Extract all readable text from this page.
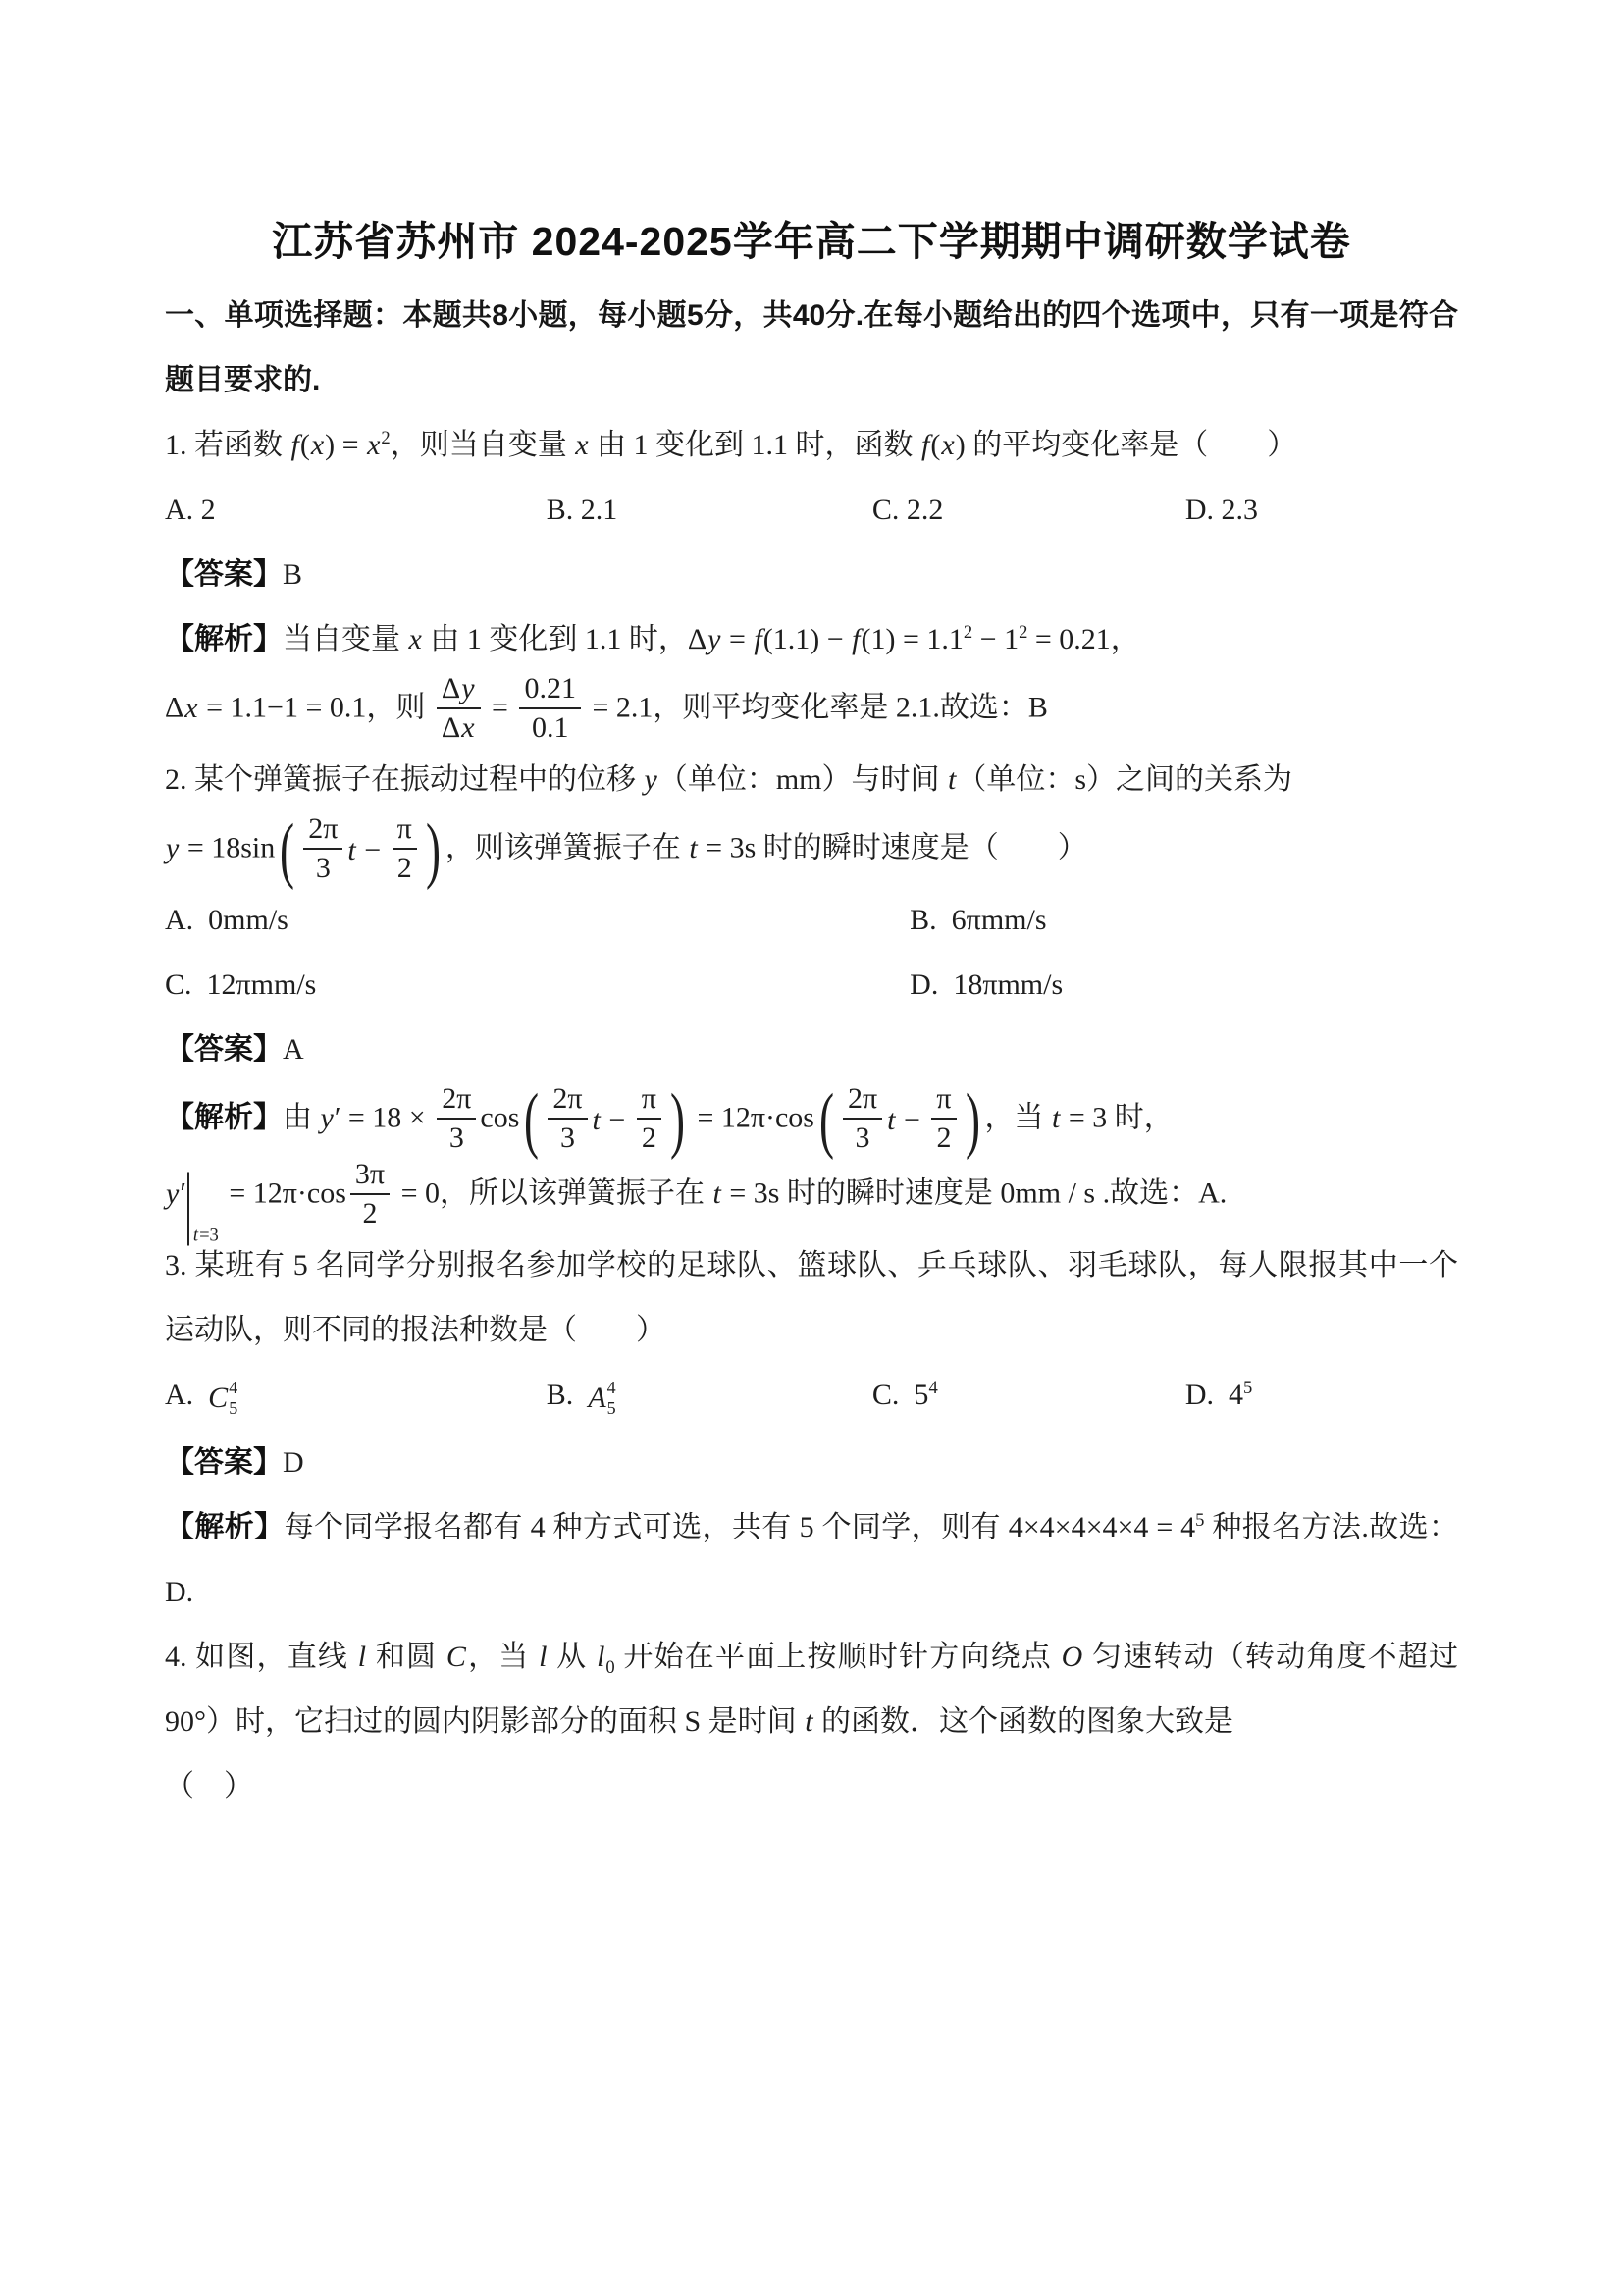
江苏省苏州市 2024-2025学年高二下学期期中调研数学试卷

一、单项选择题：本题共8小题，每小题5分，共40分.在每小题给出的四个选项中，只有一项是符合题目要求的.

1. 若函数 $f(x) = x^2$，则当自变量 x 由 1 变化到 1.1 时，函数 f(x) 的平均变化率是（　　）

A. 2	B. 2.1	C. 2.2	D. 2.3

【答案】B

【解析】当自变量 x 由 1 变化到 1.1 时，$\Delta y = f(1.1) - f(1) = 1.1^2 - 1^2 = 0.21$，

Δx = 1.1−1 = 0.1，则 $\frac{\Delta y}{\Delta x} = \frac{0.21}{0.1} = 2.1$，则平均变化率是 2.1.故选：B

2. 某个弹簧振子在振动过程中的位移 y（单位：mm）与时间 t（单位：s）之间的关系为

y = 18sin ( $\frac{2\pi}{3}$ $t - \frac{\pi}{2}$ ) ，则该弹簧振子在 t = 3s 时的瞬时速度是（　　）

A.  0mm/s	B.  6πmm/s
C.  12πmm/s	D.  18πmm/s

【答案】A

【解析】由 $y' = 18 \times \frac{2\pi}{3}$ cos ( $\frac{2\pi}{3}$ $t - \frac{\pi}{2}$ ) = 12π·cos ( $\frac{2\pi}{3}$ $t - \frac{\pi}{2}$ ) ，当 t = 3 时，

y′
t=3
= $12\pi\cdot\cos \frac{3\pi}{2} = 0$，所以该弹簧振子在 t = 3s 时的瞬时速度是 0mm / s .故选：A.

3. 某班有 5 名同学分别报名参加学校的足球队、篮球队、乒乓球队、羽毛球队，每人限报其中一个运动队，则不同的报法种数是（　　）

A. C 4
5	B. A 4
5	C.  $5^4$	D.  $4^5$

【答案】D

【解析】每个同学报名都有 4 种方式可选，共有 5 个同学，则有 $4\times 4\times 4\times 4\times 4 = 4^5$ 种报名方法.故选：D.

4. 如图，直线 l 和圆 C，当 l 从 $l_0$ 开始在平面上按顺时针方向绕点 O 匀速转动（转动角度不超过 90°）时，它扫过的圆内阴影部分的面积 S 是时间 t 的函数．这个函数的图象大致是

（　）
